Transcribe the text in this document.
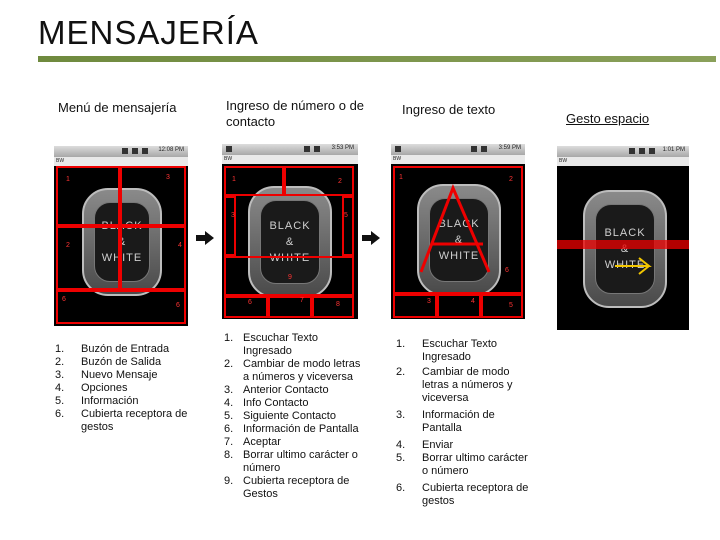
MENSAJERÍA
Menú de mensajería	Ingreso de número o de contacto
Ingreso de texto
Gesto espacio
12:08 PM
BW
BLACK
&
WHITE
1	3
2	4
6
6
3:53 PM
BW
BLACK
&
WHITE
1	2
3	5
9
6	7
8
3:59 PM
BW
BLACK
&
WHITE
1	2
6
3	4
5
1:01 PM
BW
BLACK
WHITE
1. Buzón de Entrada
2. Buzón de Salida
3. Nuevo Mensaje
4. Opciones
5. Información
6. Cubierta receptora de gestos
1. Escuchar Texto Ingresado
2. Cambiar de modo letras a números y viceversa
3. Anterior Contacto
4. Info Contacto
5. Siguiente Contacto
6. Información de Pantalla
7. Aceptar
8. Borrar ultimo carácter o número
9. Cubierta receptora de Gestos
1. Escuchar Texto Ingresado
2. Cambiar de modo letras a números y viceversa
3. Información de Pantalla
4. Enviar
5. Borrar ultimo carácter o número
6. Cubierta receptora de gestos
